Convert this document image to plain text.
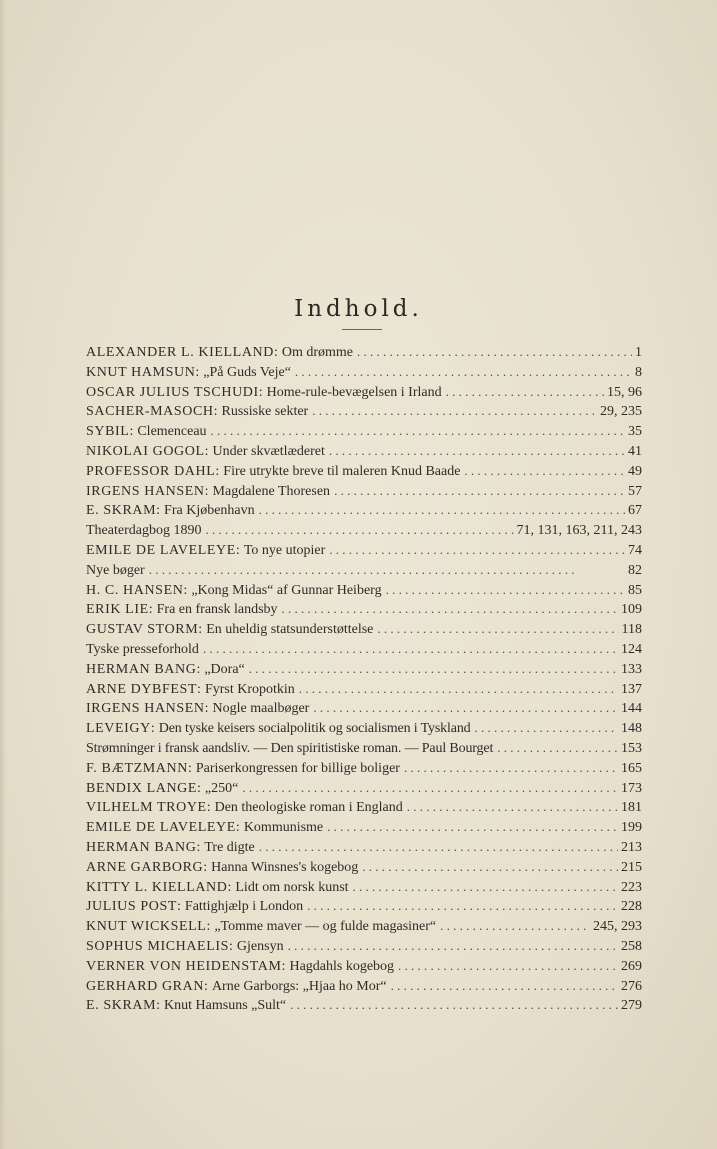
Indhold.
ALEXANDER L. KIELLAND : Om drømme . . .	1
KNUT HAMSUN : „På Guds Veje“ . . .	8
OSCAR JULIUS TSCHUDI : Home-rule-bevægelsen i Irland . . .	15, 96
SACHER-MASOCH : Russiske sekter . . .	29, 235
SYBIL : Clemenceau . . .	35
NIKOLAI GOGOL : Under skvætlæderet . . .	41
PROFESSOR DAHL : Fire utrykte breve til maleren Knud Baade . . .	49
IRGENS HANSEN : Magdalene Thoresen . . .	57
E. SKRAM : Fra Kjøbenhavn . . .	67
Theaterdagbog 1890 . . .	71, 131, 163, 211, 243
EMILE DE LAVELEYE : To nye utopier . . .	74
Nye bøger . . .	82
H. C. HANSEN : „Kong Midas“ af Gunnar Heiberg . . .	85
ERIK LIE : Fra en fransk landsby . . .	109
GUSTAV STORM : En uheldig statsunderstøttelse . . .	118
Tyske presseforhold . . .	124
HERMAN BANG : „Dora“ . . .	133
ARNE DYBFEST : Fyrst Kropotkin . . .	137
IRGENS HANSEN : Nogle maalbøger . . .	144
LEVEIGY : Den tyske keisers socialpolitik og socialismen i Tyskland . . .	148
Strømninger i fransk aandsliv. — Den spiritistiske roman. — Paul Bourget . . .	153
F. BÆTZMANN : Pariserkongressen for billige boliger . . .	165
BENDIX LANGE : „250“ . . .	173
VILHELM TROYE : Den theologiske roman i England . . .	181
EMILE DE LAVELEYE : Kommunisme . . .	199
HERMAN BANG : Tre digte . . .	213
ARNE GARBORG : Hanna Winsnes's kogebog . . .	215
KITTY L. KIELLAND : Lidt om norsk kunst . . .	223
JULIUS POST : Fattighjælp i London . . .	228
KNUT WICKSELL : „Tomme maver — og fulde magasiner“ . . .	245, 293
SOPHUS MICHAELIS : Gjensyn . . .	258
VERNER VON HEIDENSTAM : Hagdahls kogebog . . .	269
GERHARD GRAN : Arne Garborgs: „Hjaa ho Mor“ . . .	276
E. SKRAM : Knut Hamsuns „Sult“ . . .	279
